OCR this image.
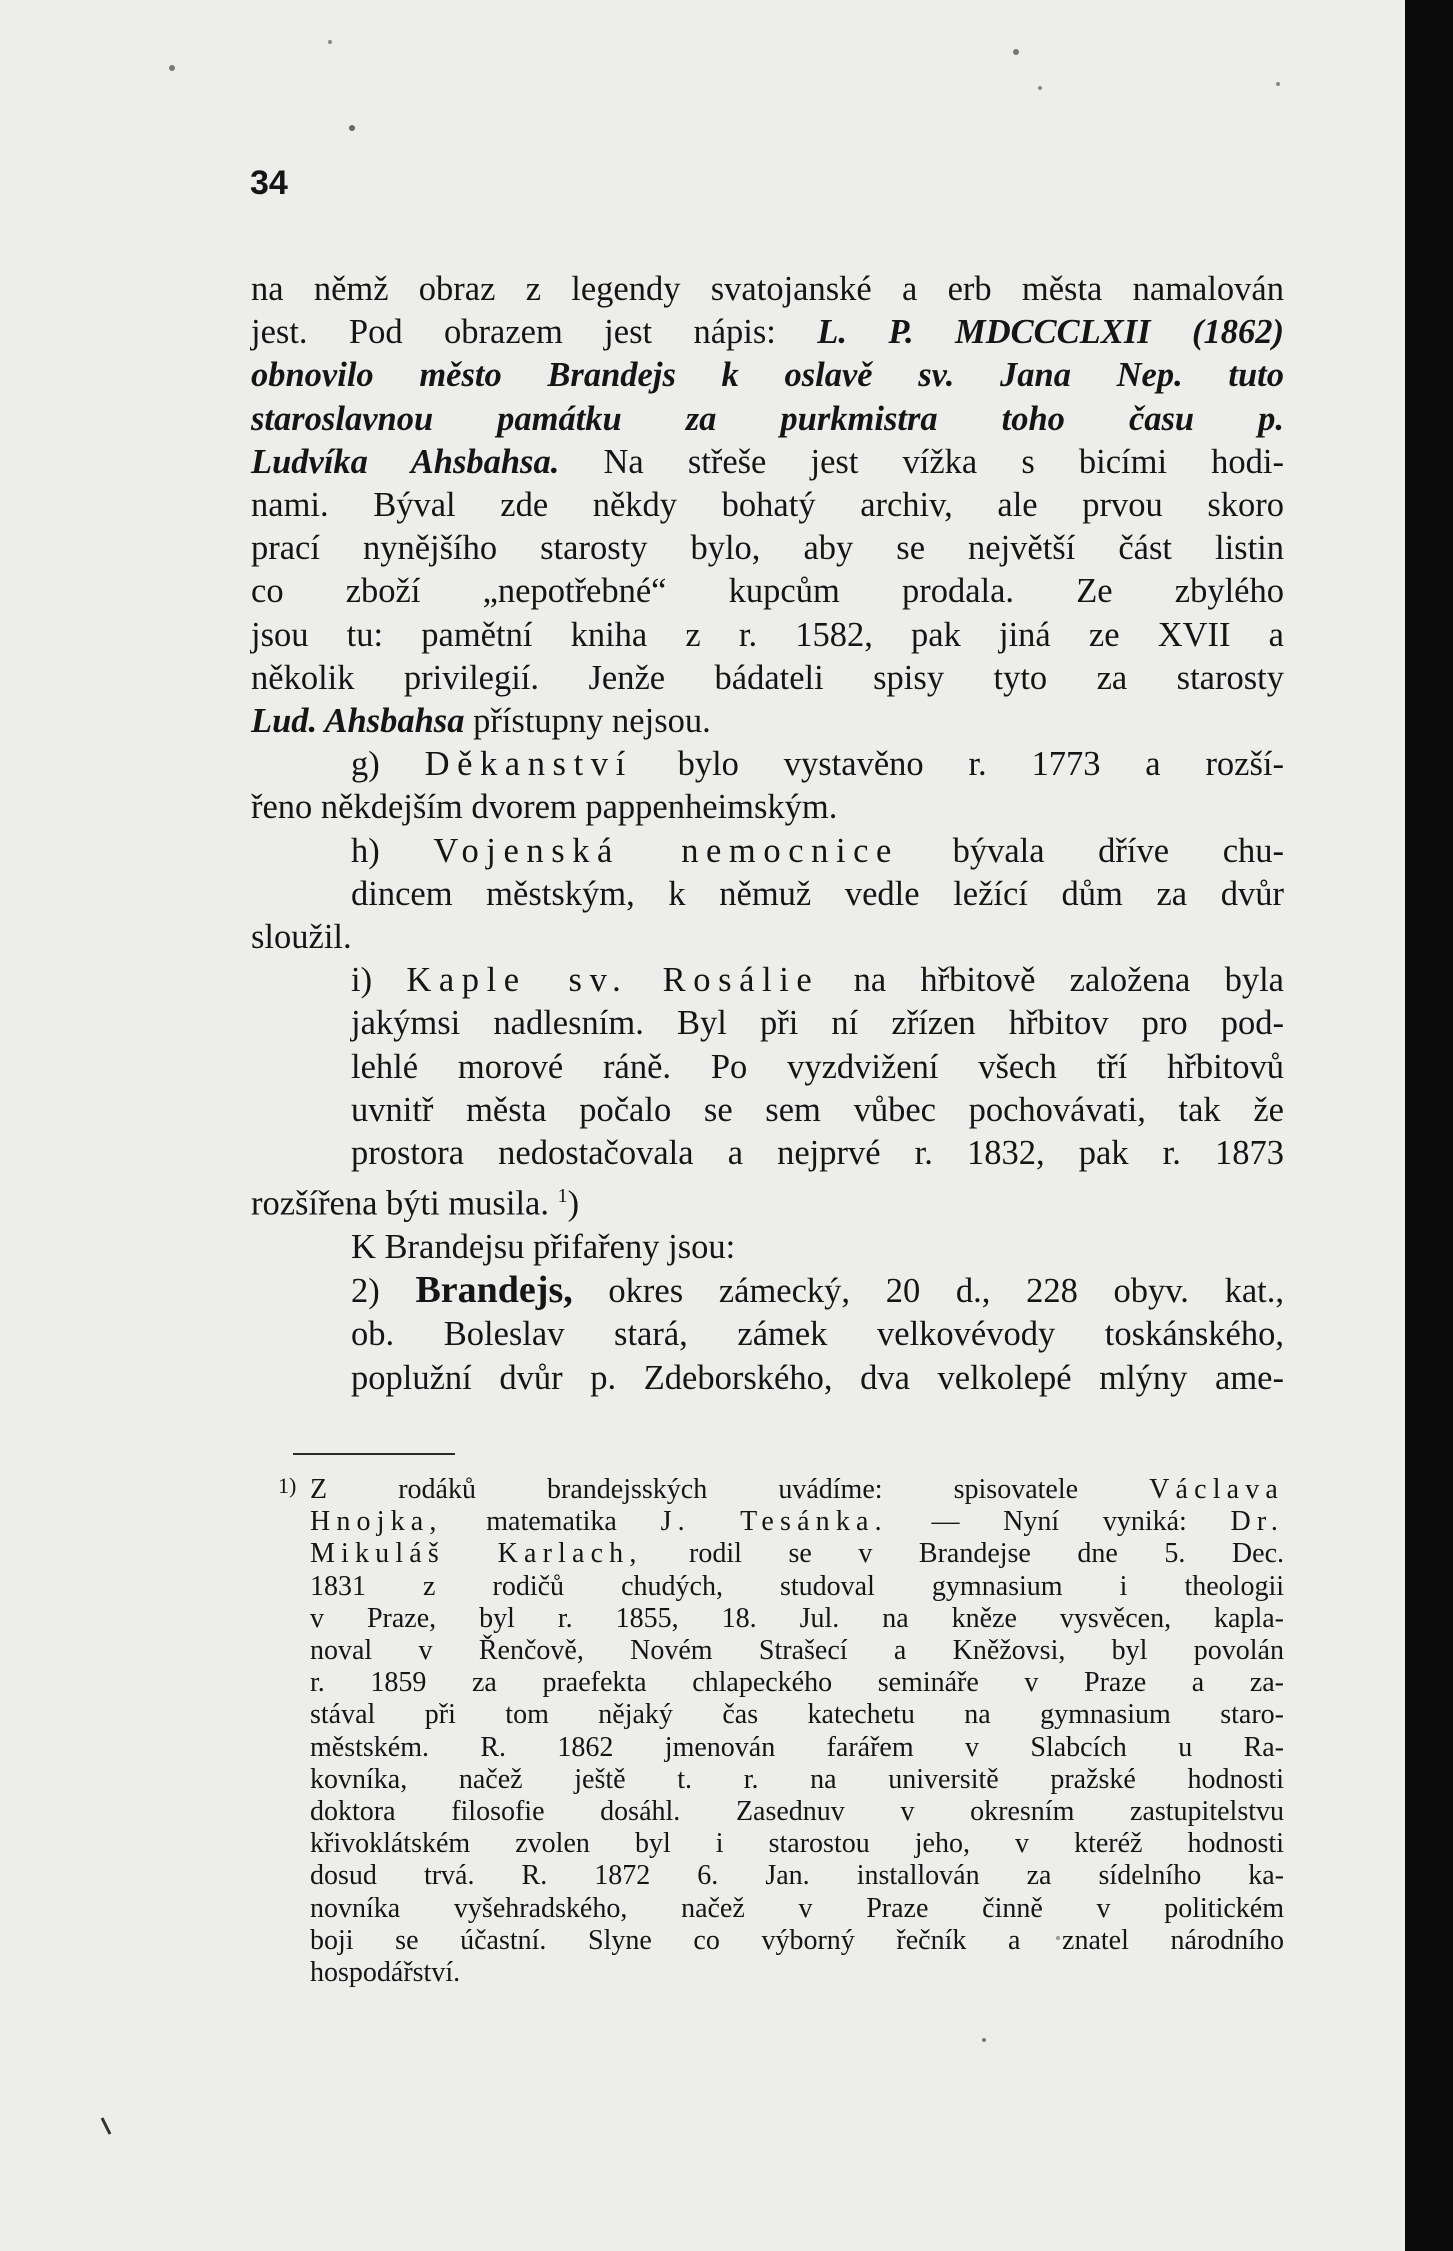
34

na němž obraz z legendy svatojanské a erb města namalován
jest. Pod obrazem jest nápis: L. P. MDCCCLXII (1862)
obnovilo město Brandejs k oslavě sv. Jana Nep. tuto
staroslavnou památku za purkmistra toho času p.
Ludvíka Ahsbahsa. Na střeše jest vížka s bicími hodi-
nami. Býval zde někdy bohatý archiv, ale prvou skoro
prací nynějšího starosty bylo, aby se největší část listin
co zboží „nepotřebné“ kupcům prodala. Ze zbylého
jsou tu: pamětní kniha z r. 1582, pak jiná ze XVII a
několik privilegií. Jenže bádateli spisy tyto za starosty

Lud. Ahsbahsa přístupny nejsou.

g) Děkanství bylo vystavěno r. 1773 a rozší-

řeno někdejším dvorem pappenheimským.

h) Vojenská nemocnice bývala dříve chu-
dincem městským, k němuž vedle ležící dům za dvůr

sloužil.

i) Kaple sv. Rosálie na hřbitově založena byla
jakýmsi nadlesním. Byl při ní zřízen hřbitov pro pod-
lehlé morové ráně. Po vyzdvižení všech tří hřbitovů
uvnitř města počalo se sem vůbec pochovávati, tak že
prostora nedostačovala a nejprvé r. 1832, pak r. 1873

rozšířena býti musila. $^1$)

K Brandejsu přifařeny jsou:

2) Brandejs, okres zámecký, 20 d., 228 obyv. kat.,
ob. Boleslav stará, zámek velkovévody toskánského,
poplužní dvůr p. Zdeborského, dva velkolepé mlýny ame-

1) Z rodáků brandejsských uvádíme: spisovatele Václava
Hnojka, matematika J. Tesánka. — Nyní vyniká: Dr.
Mikuláš Karlach, rodil se v Brandejse dne 5. Dec.
1831 z rodičů chudých, studoval gymnasium i theologii
v Praze, byl r. 1855, 18. Jul. na kněze vysvěcen, kapla-
noval v Řenčově, Novém Strašecí a Kněžovsi, byl povolán
r. 1859 za praefekta chlapeckého semináře v Praze a za-
stával při tom nějaký čas katechetu na gymnasium staro-
městském. R. 1862 jmenován farářem v Slabcích u Ra-
kovníka, načež ještě t. r. na universitě pražské hodnosti
doktora filosofie dosáhl. Zasednuv v okresním zastupitelstvu
křivoklátském zvolen byl i starostou jeho, v kteréž hodnosti
dosud trvá. R. 1872 6. Jan. installován za sídelního ka-
novníka vyšehradského, načež v Praze činně v politickém
boji se účastní. Slyne co výborný řečník a znatel národního

hospodářství.
